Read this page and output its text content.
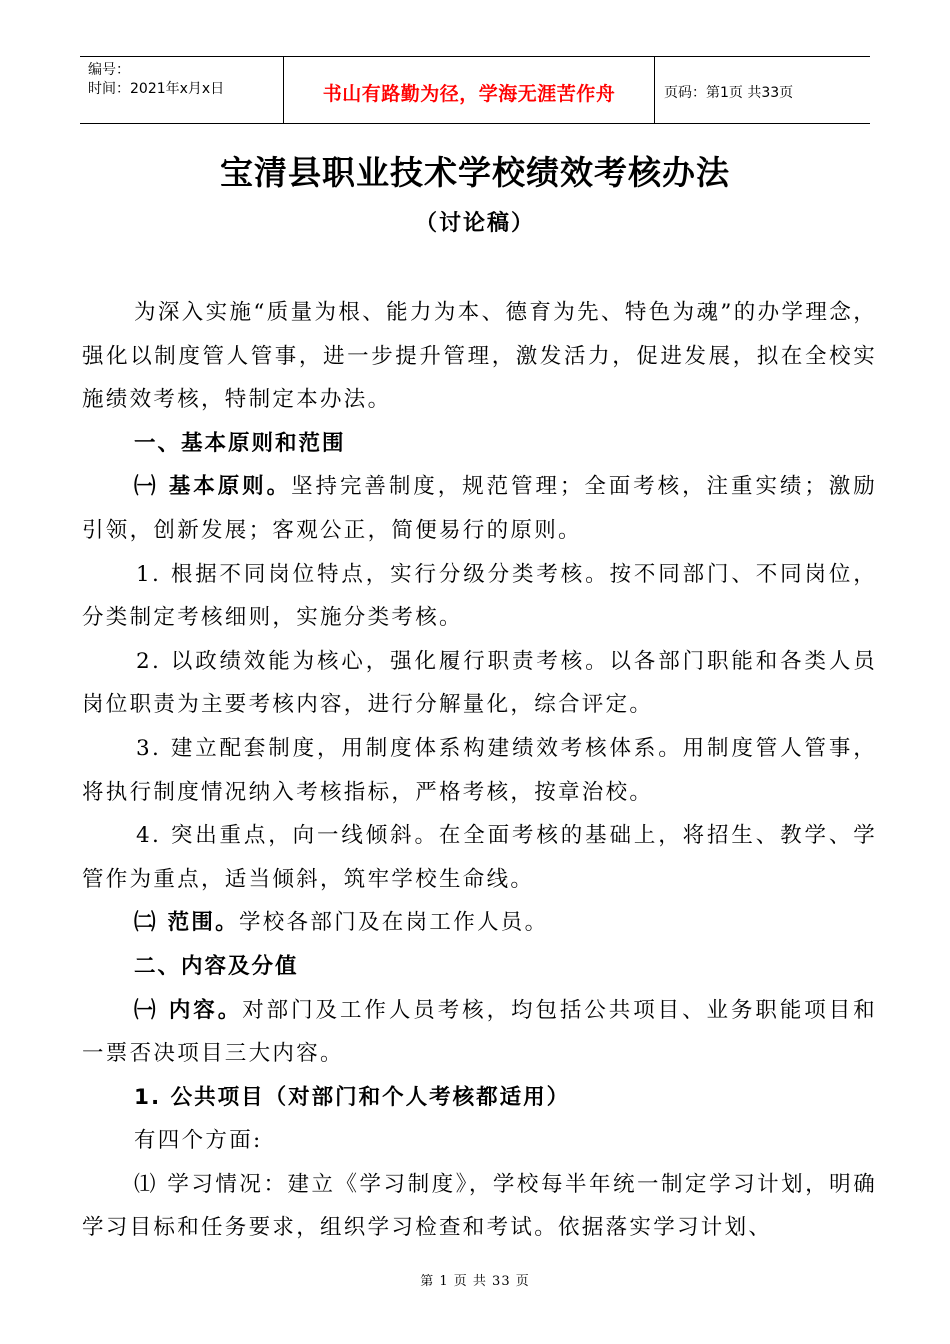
编号：
时间：2021年x月x日	书山有路勤为径，学海无涯苦作舟	页码：第1页 共33页
宝清县职业技术学校绩效考核办法
（讨论稿）

为深入实施“质量为根、能力为本、德育为先、特色为魂”的办学理念，强化以制度管人管事，进一步提升管理，激发活力，促进发展，拟在全校实施绩效考核，特制定本办法。

一、基本原则和范围

㈠ 基本原则。坚持完善制度，规范管理；全面考核，注重实绩；激励引领，创新发展；客观公正，简便易行的原则。

1. 根据不同岗位特点，实行分级分类考核。按不同部门、不同岗位，分类制定考核细则，实施分类考核。

2. 以政绩效能为核心，强化履行职责考核。以各部门职能和各类人员岗位职责为主要考核内容，进行分解量化，综合评定。

3. 建立配套制度，用制度体系构建绩效考核体系。用制度管人管事，将执行制度情况纳入考核指标，严格考核，按章治校。

4. 突出重点，向一线倾斜。在全面考核的基础上，将招生、教学、学管作为重点，适当倾斜，筑牢学校生命线。

㈡ 范围。学校各部门及在岗工作人员。

二、内容及分值

㈠ 内容。对部门及工作人员考核，均包括公共项目、业务职能项目和一票否决项目三大内容。

1. 公共项目（对部门和个人考核都适用）

有四个方面:

⑴ 学习情况：建立《学习制度》，学校每半年统一制定学习计划，明确学习目标和任务要求，组织学习检查和考试。依据落实学习计划、

第 1 页 共 33 页
